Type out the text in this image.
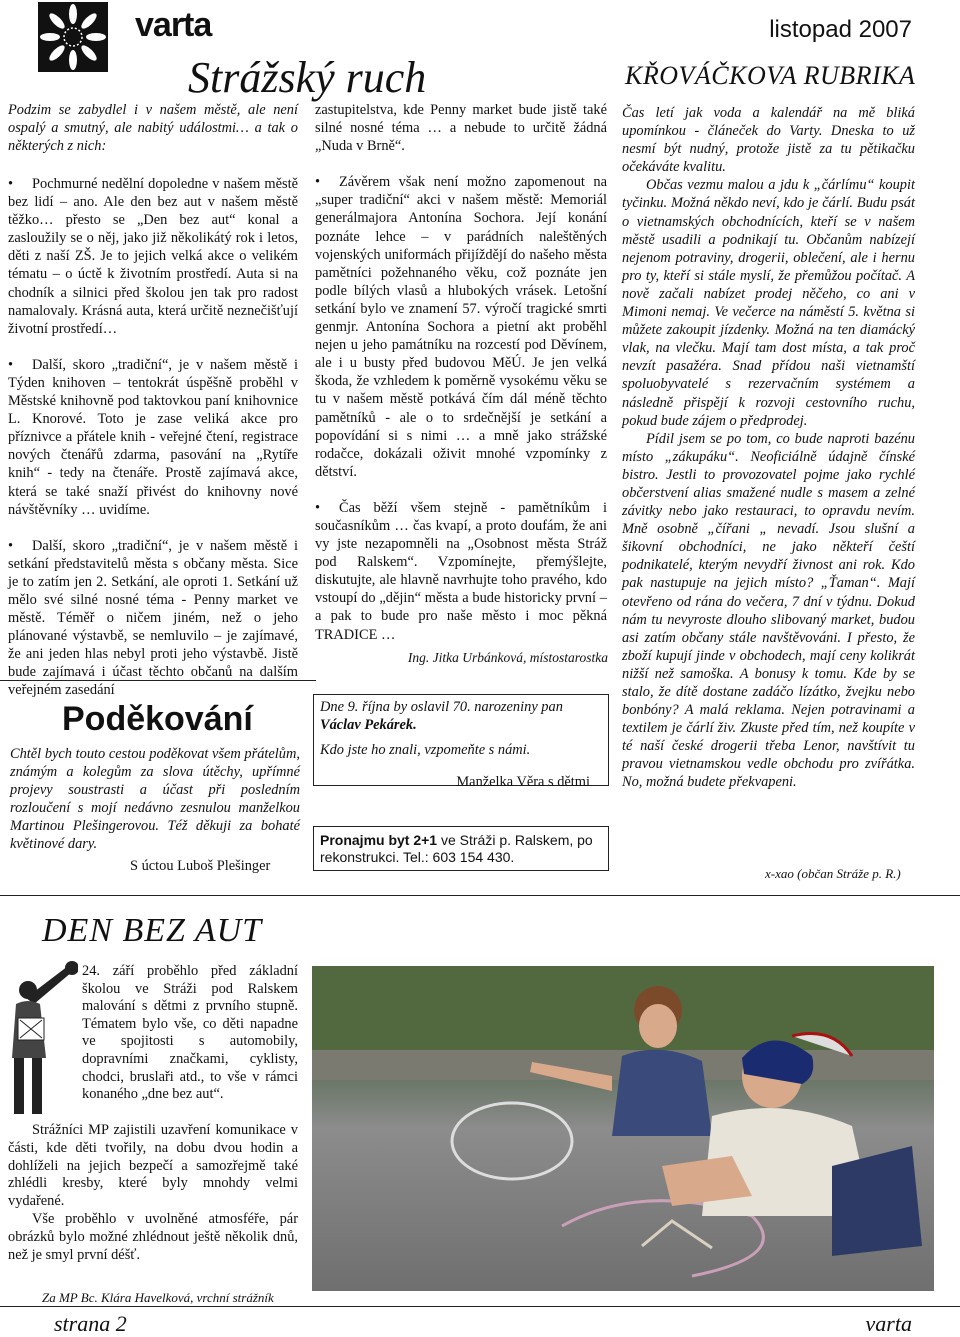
varta	listopad 2007
Strážský ruch
Podzim se zabydlel i v našem městě, ale není ospalý a smutný, ale nabitý událostmi… a tak o některých z nich:

• Pochmurné nedělní dopoledne v našem městě bez lidí – ano. Ale den bez aut v našem městě těžko… přesto se „Den bez aut“ konal a zasloužily se o něj, jako již několikátý rok i letos, děti z naší ZŠ. Je to jejich velká akce o velikém tématu – o úctě k životním prostředí. Auta si na chodník a silnici před školou jen tak pro radost namalovaly. Krásná auta, která určitě neznečišťují životní prostředí…

• Další, skoro „tradiční“, je v našem městě i Týden knihoven – tentokrát úspěšně proběhl v Městské knihovně pod taktovkou paní knihovnice L. Knorové. Toto je zase veliká akce pro příznivce a přátele knih - veřejné čtení, registrace nových čtenářů zdarma, pasování na „Rytíře knih“ - tedy na čtenáře. Prostě zajímavá akce, která se také snaží přivést do knihovny nové návštěvníky … uvidíme.

• Další, skoro „tradiční“, je v našem městě i setkání představitelů města s občany města. Sice je to zatím jen 2. Setkání, ale oproti 1. Setkání už mělo své silné nosné téma - Penny market ve městě. Téměř o ničem jiném, než o jeho plánované výstavbě, se nemluvilo – je zajímavé, že ani jeden hlas nebyl proti jeho výstavbě. Jistě bude zajímavá i účast těchto občanů na dalším veřejném zasedání

zastupitelstva, kde Penny market bude jistě také silné nosné téma … a nebude to určitě žádná „Nuda v Brně“.

• Závěrem však není možno zapomenout na „super tradiční“ akci v našem městě: Memoriál generálmajora Antonína Sochora. Její konání poznáte lehce – v parádních naleštěných vojenských uniformách přijíždějí do našeho města pamětníci požehnaného věku, což poznáte jen podle bílých vlasů a hlubokých vrásek. Letošní setkání bylo ve znamení 57. výročí tragické smrti genmjr. Antonína Sochora a pietní akt proběhl nejen u jeho památníku na rozcestí pod Děvínem, ale i u busty před budovou MěÚ. Je jen velká škoda, že vzhledem k poměrně vysokému věku se tu v našem městě potkává čím dál méně těchto pamětníků - ale o to srdečnější je setkání a popovídání si s nimi … a mně jako strážské rodačce, dokázali oživit mnohé vzpomínky z dětství.

• Čas běží všem stejně - pamětníkům i současníkům … čas kvapí, a proto doufám, že ani vy jste nezapomněli na „Osobnost města Stráž pod Ralskem“. Vzpomínejte, přemýšlejte, diskutujte, ale hlavně navrhujte toho pravého, kdo vstoupí do „dějin“ města a bude historicky první – a pak to bude pro naše město i moc pěkná TRADICE …

Ing. Jitka Urbánková, místostarostka
Poděkování
Chtěl bych touto cestou poděkovat všem přátelům, známým a kolegům za slova útěchy, upřímné projevy soustrasti a účast při posledním rozloučení s mojí nedávno zesnulou manželkou Martinou Plešingerovou. Též děkuji za bohaté květinové dary.
S úctou Luboš Plešinger
Dne 9. října by oslavil 70. narozeniny pan Václav Pekárek.
Kdo jste ho znali, vzpomeňte s námi.
Manželka Věra s dětmi
Pronajmu byt 2+1 ve Stráži p. Ralskem, po rekonstrukci. Tel.: 603 154 430.
KŘOVÁČKOVA RUBRIKA

Čas letí jak voda a kalendář na mě bliká upomínkou - článeček do Varty. Dneska to už nesmí být nudný, protože jistě za tu pětikačku očekáváte kvalitu.

Občas vezmu malou a jdu k „čárlímu“ koupit tyčinku. Možná někdo neví, kdo je čárlí. Budu psát o vietnamských obchodnících, kteří se v našem městě usadili a podnikají tu. Občanům nabízejí nejenom potraviny, drogerii, oblečení, ale i hernu pro ty, kteří si stále myslí, že přemůžou počítač. A nově začali nabízet prodej něčeho, co ani v Mimoni nemaj. Ve večerce na náměstí 5. května si můžete zakoupit jízdenky. Možná na ten diamácký vlak, na vlečku. Mají tam dost místa, a tak proč nevzít pasažéra. Snad přídou naši vietnamští spoluobyvatelé s rezervačním systémem a následně přispějí k rozvoji cestovního ruchu, pokud bude zájem o předprodej.

Pídil jsem se po tom, co bude naproti bazénu místo „zákupáku“. Neoficiálně údajně čínské bistro. Jestli to provozovatel pojme jako rychlé občerstvení alias smažené nudle s masem a zelné závitky nebo jako restauraci, to opravdu nevím. Mně osobně „čířani „ nevadí. Jsou slušní a šikovní obchodníci, ne jako někteří čeští podnikatelé, kterým nevydří živnost ani rok. Kdo pak nastupuje na jejich místo? „Ťaman“. Mají otevřeno od rána do večera, 7 dní v týdnu. Dokud nám tu nevyroste dlouho slibovaný market, budou asi zatím občany stále navštěvováni. I přesto, že zboží kupují jinde v obchodech, mají ceny kolikrát nižší než samoška. A bonusy k tomu. Kde by se stalo, že dítě dostane zadáčo lízátko, žvejku nebo bonbóny? A malá reklama. Nejen potravinami a textilem je čárlí živ. Zkuste před tím, než koupíte v té naší české drogerii třeba Lenor, navštívit tu pravou vietnamskou vedle obchodu pro zvířátka. No, možná budete překvapeni.

x-xao (občan Stráže p. R.)
DEN BEZ AUT
24. září proběhlo před základní školou ve Stráži pod Ralskem malování s dětmi z prvního stupně. Tématem bylo vše, co děti napadne ve spojitosti s automobily, dopravními značkami, cyklisty, chodci, bruslaři atd., to vše v rámci konaného „dne bez aut“.

Strážníci MP zajistili uzavření komunikace v části, kde děti tvořily, na dobu dvou hodin a dohlíželi na jejich bezpečí a samozřejmě také zhlédli kresby, které byly mnohdy velmi vydařené.

Vše proběhlo v uvolněné atmosféře, pár obrázků bylo možné zhlédnout ještě několik dnů, než je smyl první déšť.

Za MP Bc. Klára Havelková, vrchní strážník
strana 2	varta
